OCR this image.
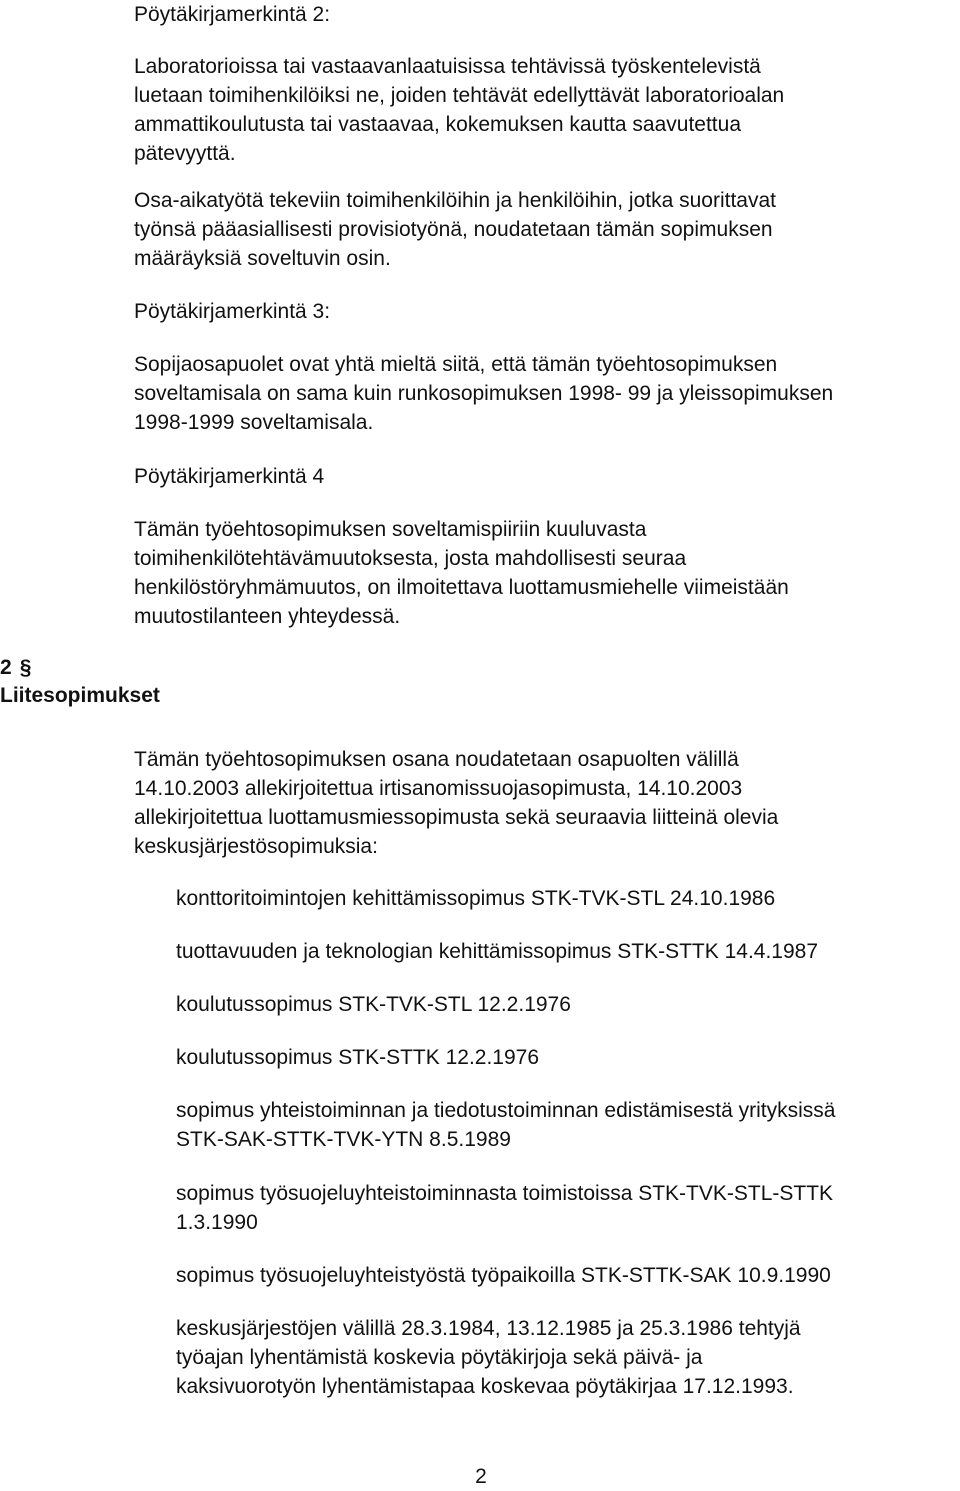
Pöytäkirjamerkintä 2:
Laboratorioissa tai vastaavanlaatuisissa tehtävissä työskentelevistä
luetaan toimihenkilöiksi ne, joiden tehtävät edellyttävät laboratorioalan
ammattikoulutusta tai vastaavaa, kokemuksen kautta saavutettua
pätevyyttä.
Osa-aikatyötä tekeviin toimihenkilöihin ja henkilöihin, jotka suorittavat
työnsä pääasiallisesti provisiotyönä, noudatetaan tämän sopimuksen
määräyksiä soveltuvin osin.
Pöytäkirjamerkintä 3:
Sopijaosapuolet ovat yhtä mieltä siitä, että tämän työehtosopimuksen
soveltamisala on sama kuin runkosopimuksen 1998- 99 ja yleissopimuksen
1998-1999 soveltamisala.
Pöytäkirjamerkintä 4
Tämän työehtosopimuksen soveltamispiiriin kuuluvasta
toimihenkilötehtävämuutoksesta, josta mahdollisesti seuraa
henkilöstöryhmämuutos, on ilmoitettava luottamusmiehelle viimeistään
muutostilanteen yhteydessä.
2 §
Liitesopimukset
Tämän työehtosopimuksen osana noudatetaan osapuolten välillä
14.10.2003 allekirjoitettua irtisanomissuojasopimusta, 14.10.2003
allekirjoitettua luottamusmiessopimusta sekä seuraavia liitteinä olevia
keskusjärjestösopimuksia:
konttoritoimintojen kehittämissopimus STK-TVK-STL 24.10.1986
tuottavuuden ja teknologian kehittämissopimus STK-STTK 14.4.1987
koulutussopimus STK-TVK-STL 12.2.1976
koulutussopimus STK-STTK 12.2.1976
sopimus yhteistoiminnan ja tiedotustoiminnan edistämisestä yrityksissä
STK-SAK-STTK-TVK-YTN 8.5.1989
sopimus työsuojeluyhteistoiminnasta toimistoissa STK-TVK-STL-STTK
1.3.1990
sopimus työsuojeluyhteistyöstä työpaikoilla STK-STTK-SAK 10.9.1990
keskusjärjestöjen välillä 28.3.1984, 13.12.1985 ja 25.3.1986 tehtyjä
työajan lyhentämistä koskevia pöytäkirjoja sekä päivä- ja
kaksivuorotyön lyhentämistapaa koskevaa pöytäkirjaa 17.12.1993.
2
